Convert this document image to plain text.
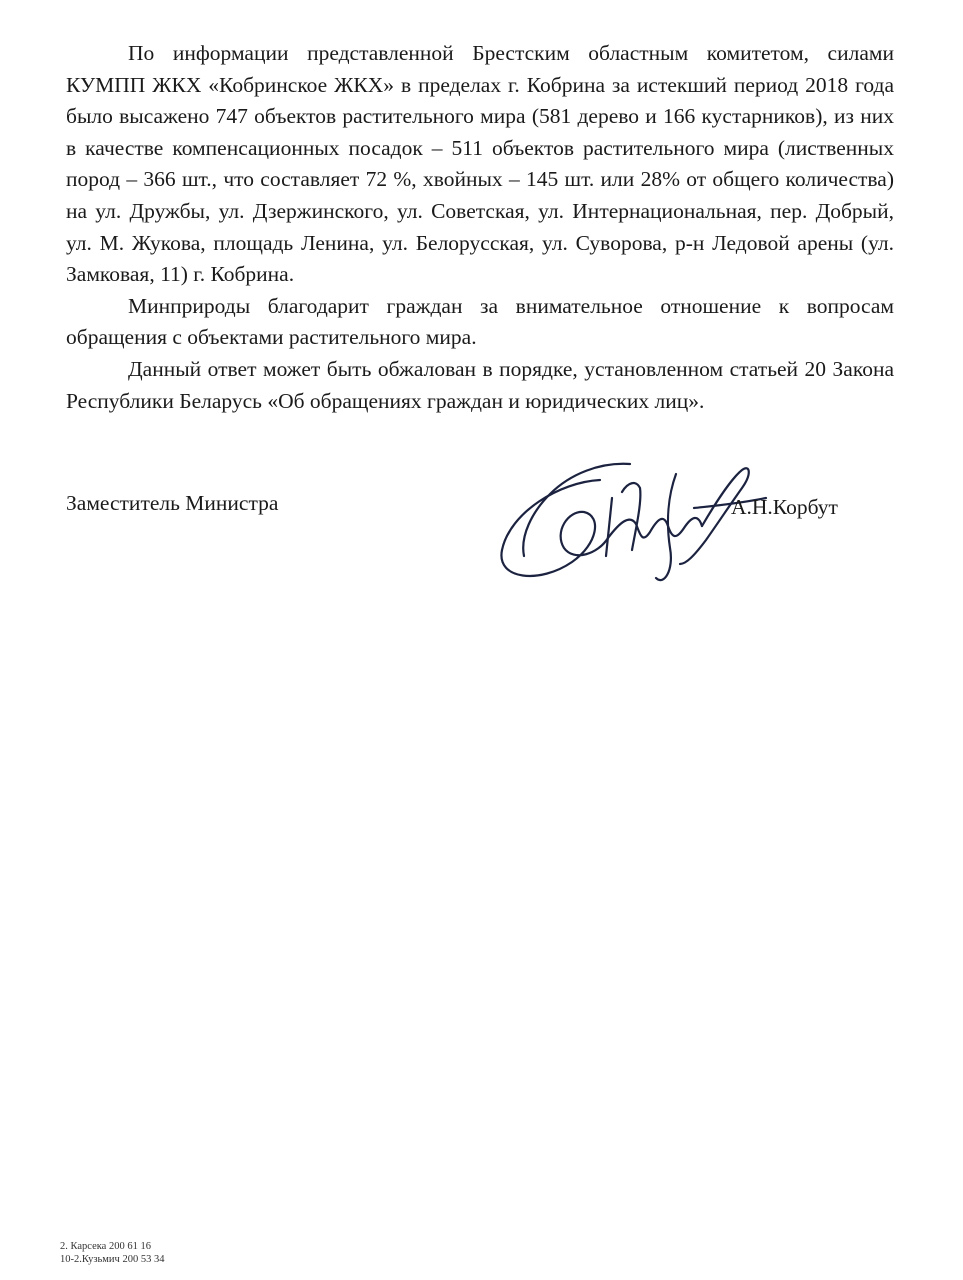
По информации представленной Брестским областным комитетом, силами КУМПП ЖКХ «Кобринское ЖКХ» в пределах г. Кобрина за истекший период 2018 года было высажено 747 объектов растительного мира (581 дерево и 166 кустарников), из них в качестве компенсационных посадок – 511 объектов растительного мира (лиственных пород – 366 шт., что составляет 72 %, хвойных – 145 шт. или 28% от общего количества) на ул. Дружбы, ул. Дзержинского, ул. Советская, ул. Интернациональная, пер. Добрый, ул. М. Жукова, площадь Ленина, ул. Белорусская, ул. Суворова, р-н Ледовой арены (ул. Замковая, 11) г. Кобрина.

Минприроды благодарит граждан за внимательное отношение к вопросам обращения с объектами растительного мира.

Данный ответ может быть обжалован в порядке, установленном статьей 20 Закона Республики Беларусь «Об обращениях граждан и юридических лиц».

Заместитель Министра	А.Н.Корбут
2. Карсека 200 61 16
10-2.Кузьмич 200 53 34
